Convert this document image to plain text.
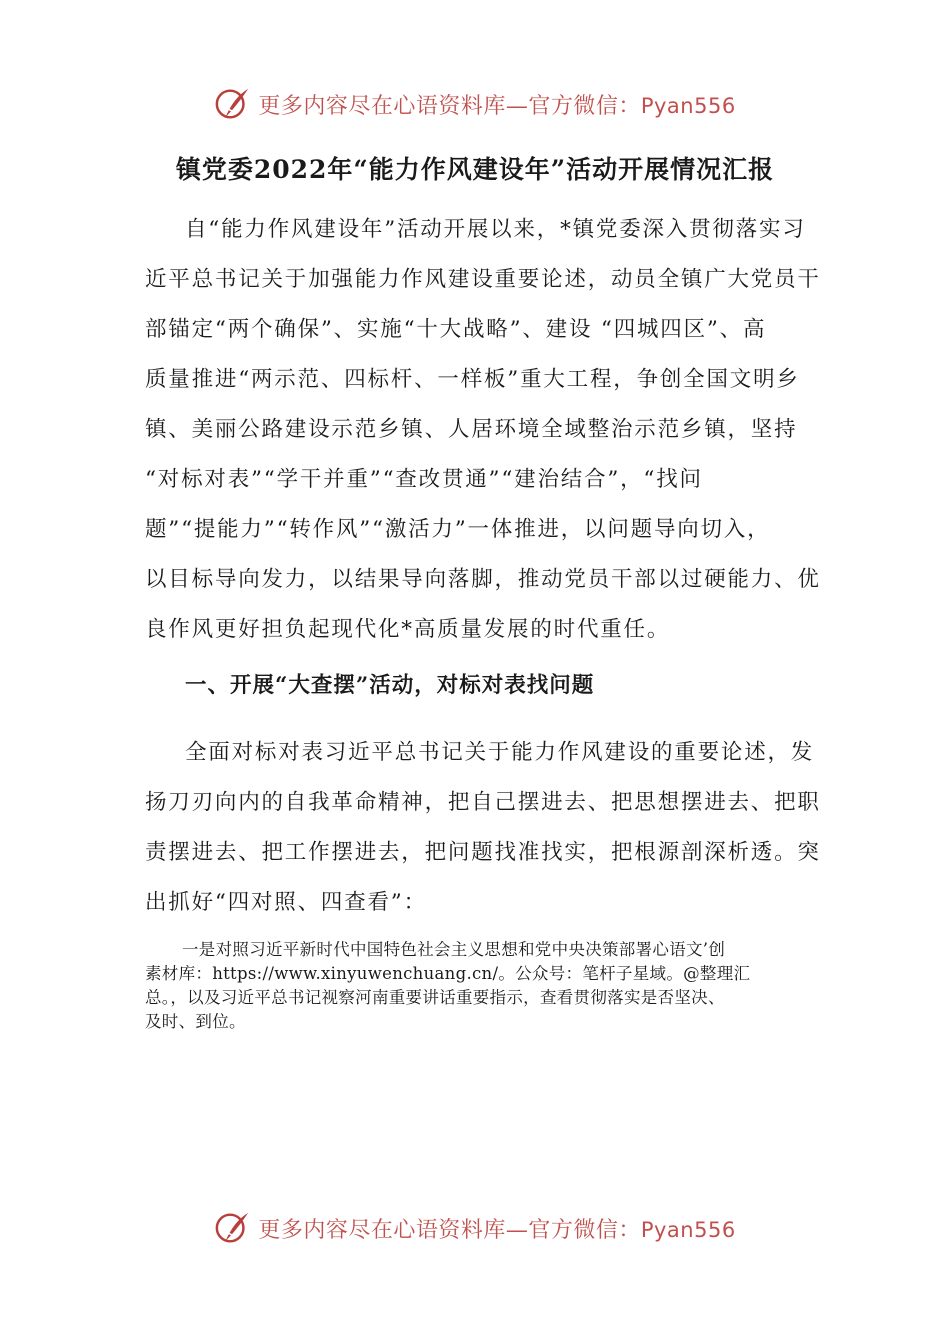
更多内容尽在心语资料库—官方微信：Pyan556
镇党委2022年“能力作风建设年”活动开展情况汇报
自“能力作风建设年”活动开展以来，*镇党委深入贯彻落实习
近平总书记关于加强能力作风建设重要论述，动员全镇广大党员干
部锚定“两个确保”、实施“十大战略”、建设 “四城四区”、高
质量推进“两示范、四标杆、一样板”重大工程，争创全国文明乡
镇、美丽公路建设示范乡镇、人居环境全域整治示范乡镇，坚持
“对标对表”“学干并重”“查改贯通”“建治结合”，“找问
题”“提能力”“转作风”“激活力”一体推进，以问题导向切入，
以目标导向发力，以结果导向落脚，推动党员干部以过硬能力、优
良作风更好担负起现代化*高质量发展的时代重任。
一、开展“大查摆”活动，对标对表找问题
全面对标对表习近平总书记关于能力作风建设的重要论述，发
扬刀刃向内的自我革命精神，把自己摆进去、把思想摆进去、把职
责摆进去、把工作摆进去，把问题找准找实，把根源剖深析透。突
出抓好“四对照、四查看”：
一是对照习近平新时代中国特色社会主义思想和党中央决策部署心语文’创
素材库：https://www.xinyuwenchuang.cn/。公众号：笔杆子星域。@整理汇
总。，以及习近平总书记视察河南重要讲话重要指示，查看贯彻落实是否坚决、
及时、到位。
更多内容尽在心语资料库—官方微信：Pyan556
